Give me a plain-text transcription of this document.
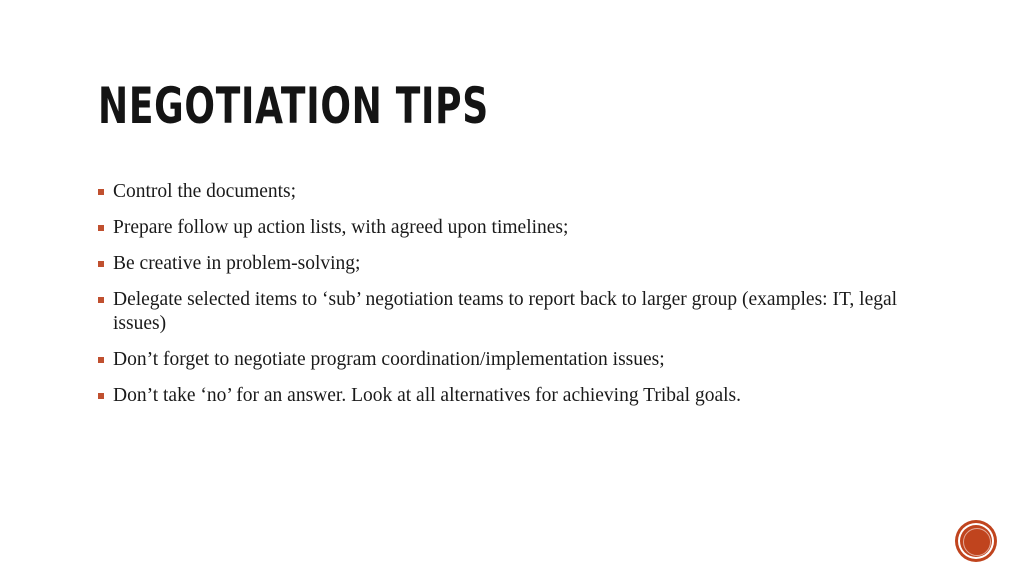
NEGOTIATION TIPS
Control the documents;
Prepare follow up action lists, with agreed upon timelines;
Be creative in problem-solving;
Delegate selected items to ‘sub’ negotiation teams to report back to larger group (examples: IT, legal issues)
Don’t forget to negotiate program coordination/implementation issues;
Don’t take ‘no’ for an answer. Look at all alternatives for achieving Tribal goals.
